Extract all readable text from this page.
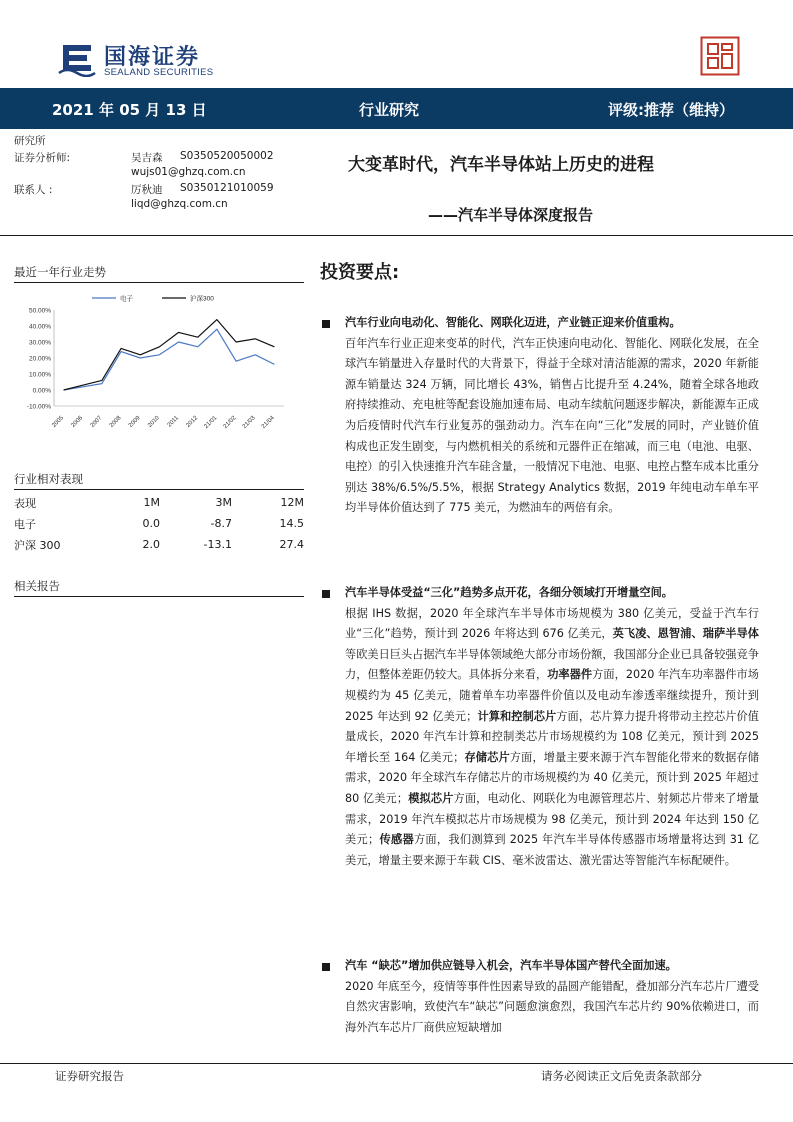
国海证券
SEALAND SECURITIES
2021 年 05 月 13 日	行业研究	评级:推荐（维持）
研究所
证券分析师:	吴吉森 S0350520050002
wujs01@ghzq.com.cn
联系人 :	厉秋迪 S0350121010059
liqd@ghzq.com.cn
大变革时代，汽车半导体站上历史的进程
——汽车半导体深度报告
最近一年行业走势
50.00%
40.00%
30.00%
20.00%
10.00%
0.00%
-10.00%
2005 2006 2007 2008 2009 2010 2011 2012 21/01 21/02 21/03 21/04
电子	沪深300
行业相对表现
表现	1M	3M	12M
电子	0.0	-8.7	14.5
沪深 300	2.0	-13.1	27.4
相关报告
投资要点:
汽车行业向电动化、智能化、网联化迈进，产业链正迎来价值重构。
百年汽车行业正迎来变革的时代，汽车正快速向电动化、智能化、网联化发展，在全球汽车销量进入存量时代的大背景下，得益于全球对清洁能源的需求，2020 年新能源车销量达 324 万辆，同比增长 43%，销售占比提升至 4.24%，随着全球各地政府持续推动、充电桩等配套设施加速布局、电动车续航问题逐步解决，新能源车正成为后疫情时代汽车行业复苏的强劲动力。汽车在向“三化”发展的同时，产业链价值构成也正发生剧变，与内燃机相关的系统和元器件正在缩减，而三电（电池、电驱、电控）的引入快速推升汽车硅含量，一般情况下电池、电驱、电控占整车成本比重分别达 38%/6.5%/5.5%，根据 Strategy Analytics 数据，2019 年纯电动车单车平均半导体价值达到了 775 美元，为燃油车的两倍有余。
汽车半导体受益“三化”趋势多点开花，各细分领域打开增量空间。
根据 IHS 数据，2020 年全球汽车半导体市场规模为 380 亿美元，受益于汽车行业“三化”趋势，预计到 2026 年将达到 676 亿美元，英飞凌、恩智浦、瑞萨半导体等欧美日巨头占据汽车半导体领域绝大部分市场份额，我国部分企业已具备较强竞争力，但整体差距仍较大。具体拆分来看，功率器件方面，2020 年汽车功率器件市场规模约为 45 亿美元，随着单车功率器件价值以及电动车渗透率继续提升，预计到 2025 年达到 92 亿美元；计算和控制芯片方面，芯片算力提升将带动主控芯片价值量成长，2020 年汽车计算和控制类芯片市场规模约为 108 亿美元，预计到 2025 年增长至 164 亿美元；存储芯片方面，增量主要来源于汽车智能化带来的数据存储需求，2020 年全球汽车存储芯片的市场规模约为 40 亿美元，预计到 2025 年超过 80 亿美元；模拟芯片方面，电动化、网联化为电源管理芯片、射频芯片带来了增量需求，2019 年汽车模拟芯片市场规模为 98 亿美元，预计到 2024 年达到 150 亿美元；传感器方面，我们测算到 2025 年汽车半导体传感器市场增量将达到 31 亿美元，增量主要来源于车载 CIS、毫米波雷达、激光雷达等智能汽车标配硬件。
汽车 “缺芯”增加供应链导入机会，汽车半导体国产替代全面加速。
2020 年底至今，疫情等事件性因素导致的晶圆产能错配，叠加部分汽车芯片厂遭受自然灾害影响，致使汽车“缺芯”问题愈演愈烈，我国汽车芯片约 90%依赖进口，而海外汽车芯片厂商供应短缺增加
证券研究报告	请务必阅读正文后免责条款部分
